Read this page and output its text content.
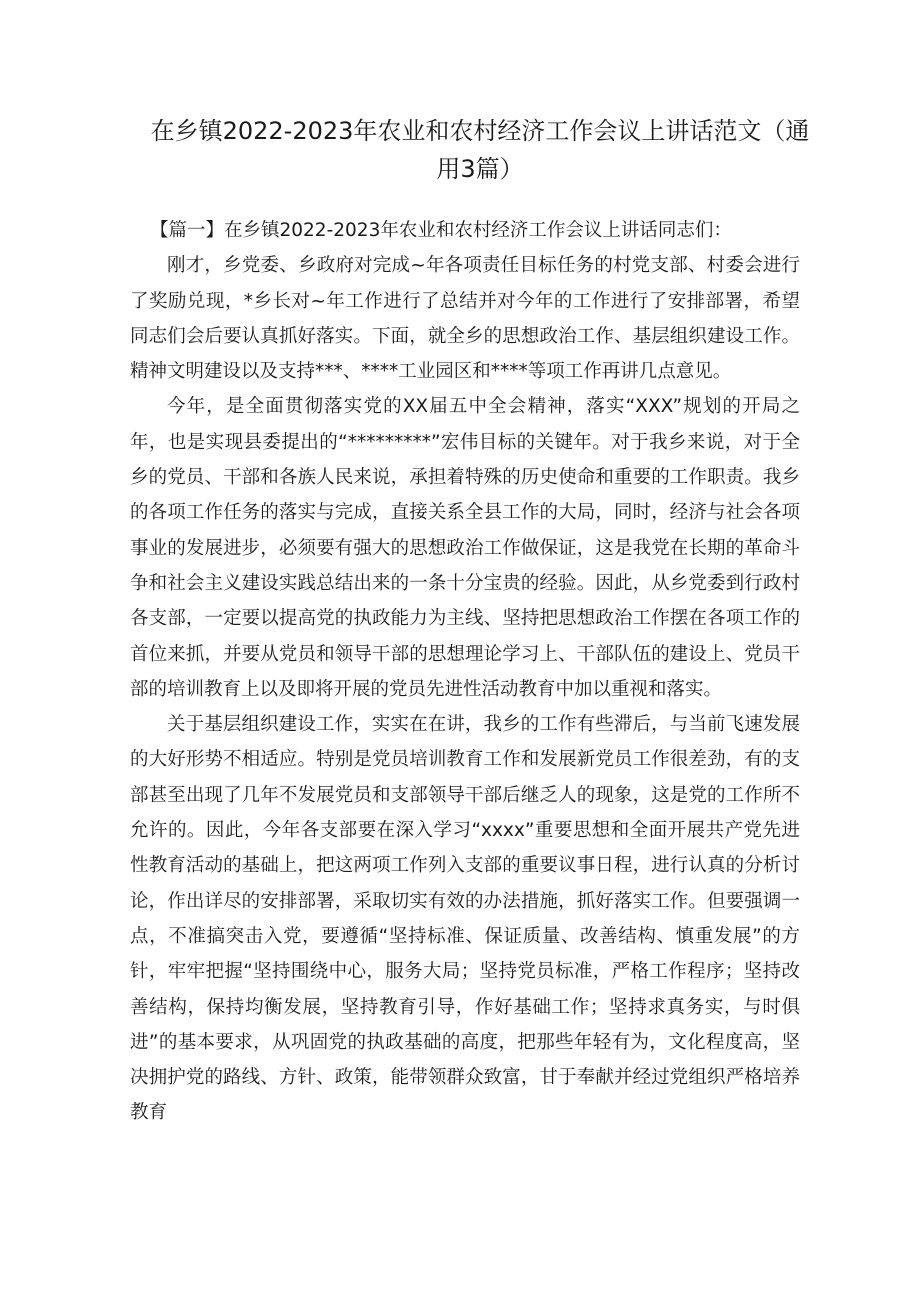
在乡镇2022-2023年农业和农村经济工作会议上讲话范文（通用3篇）

【篇一】在乡镇2022-2023年农业和农村经济工作会议上讲话同志们：

刚才，乡党委、乡政府对完成~年各项责任目标任务的村党支部、村委会进行了奖励兑现，*乡长对~年工作进行了总结并对今年的工作进行了安排部署，希望同志们会后要认真抓好落实。下面，就全乡的思想政治工作、基层组织建设工作。精神文明建设以及支持***、****工业园区和****等项工作再讲几点意见。

今年，是全面贯彻落实党的XX届五中全会精神，落实“XXX”规划的开局之年，也是实现县委提出的“*********”宏伟目标的关键年。对于我乡来说，对于全乡的党员、干部和各族人民来说，承担着特殊的历史使命和重要的工作职责。我乡的各项工作任务的落实与完成，直接关系全县工作的大局，同时，经济与社会各项事业的发展进步，必须要有强大的思想政治工作做保证，这是我党在长期的革命斗争和社会主义建设实践总结出来的一条十分宝贵的经验。因此，从乡党委到行政村各支部，一定要以提高党的执政能力为主线、坚持把思想政治工作摆在各项工作的首位来抓，并要从党员和领导干部的思想理论学习上、干部队伍的建设上、党员干部的培训教育上以及即将开展的党员先进性活动教育中加以重视和落实。

关于基层组织建设工作，实实在在讲，我乡的工作有些滞后，与当前飞速发展的大好形势不相适应。特别是党员培训教育工作和发展新党员工作很差劲，有的支部甚至出现了几年不发展党员和支部领导干部后继乏人的现象，这是党的工作所不允许的。因此，今年各支部要在深入学习“xxxx”重要思想和全面开展共产党先进性教育活动的基础上，把这两项工作列入支部的重要议事日程，进行认真的分析讨论，作出详尽的安排部署，采取切实有效的办法措施，抓好落实工作。但要强调一点，不准搞突击入党，要遵循“坚持标准、保证质量、改善结构、慎重发展”的方针，牢牢把握“坚持围绕中心，服务大局；坚持党员标准，严格工作程序；坚持改善结构，保持均衡发展，坚持教育引导，作好基础工作；坚持求真务实，与时俱进”的基本要求，从巩固党的执政基础的高度，把那些年轻有为，文化程度高，坚决拥护党的路线、方针、政策，能带领群众致富，甘于奉献并经过党组织严格培养教育
